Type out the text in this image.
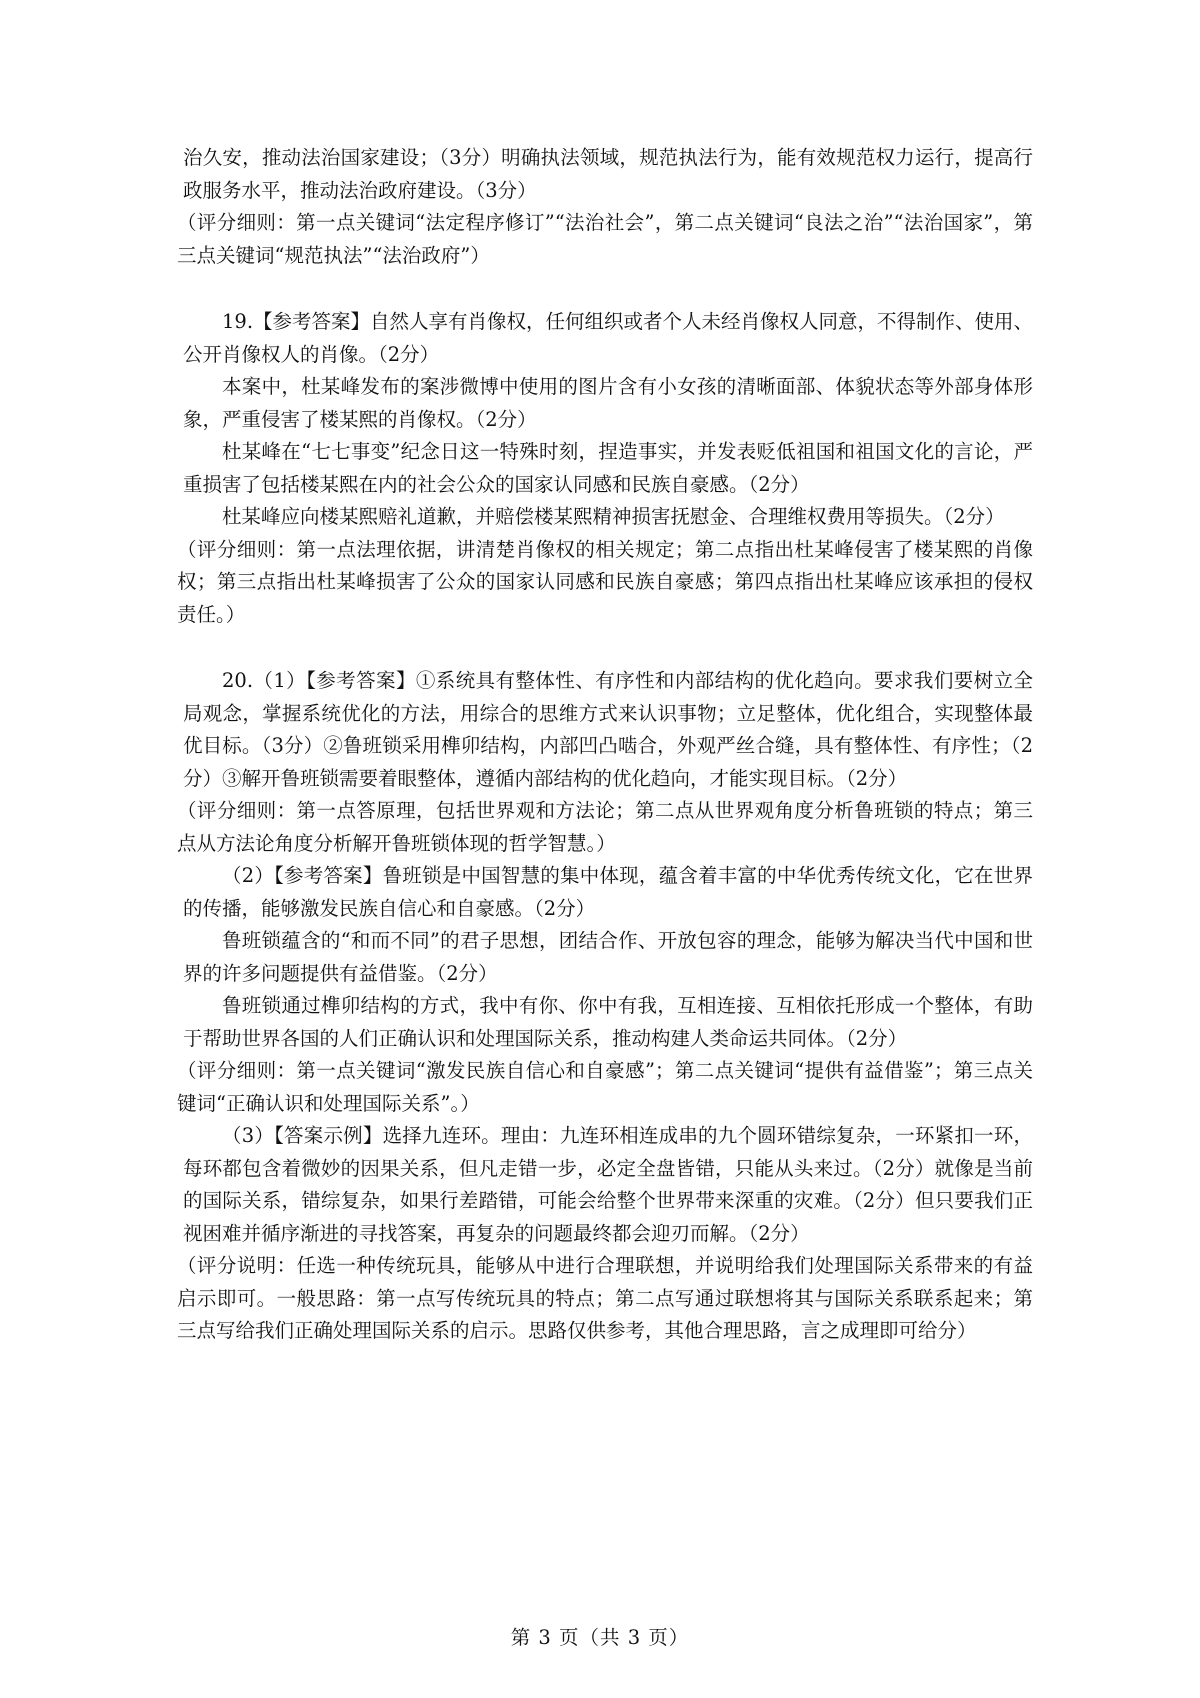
治久安，推动法治国家建设；（3分）明确执法领域，规范执法行为，能有效规范权力运行，提高行政服务水平，推动法治政府建设。（3分）

（评分细则：第一点关键词“法定程序修订”“法治社会”，第二点关键词“良法之治”“法治国家”，第三点关键词“规范执法”“法治政府”）

19.【参考答案】自然人享有肖像权，任何组织或者个人未经肖像权人同意，不得制作、使用、公开肖像权人的肖像。（2分）

本案中，杜某峰发布的案涉微博中使用的图片含有小女孩的清晰面部、体貌状态等外部身体形象，严重侵害了楼某熙的肖像权。（2分）

杜某峰在“七七事变”纪念日这一特殊时刻，捏造事实，并发表贬低祖国和祖国文化的言论，严重损害了包括楼某熙在内的社会公众的国家认同感和民族自豪感。（2分）

杜某峰应向楼某熙赔礼道歉，并赔偿楼某熙精神损害抚慰金、合理维权费用等损失。（2分）

（评分细则：第一点法理依据，讲清楚肖像权的相关规定；第二点指出杜某峰侵害了楼某熙的肖像权；第三点指出杜某峰损害了公众的国家认同感和民族自豪感；第四点指出杜某峰应该承担的侵权责任。）

20.（1）【参考答案】①系统具有整体性、有序性和内部结构的优化趋向。要求我们要树立全局观念，掌握系统优化的方法，用综合的思维方式来认识事物；立足整体，优化组合，实现整体最优目标。（3分）②鲁班锁采用榫卯结构，内部凹凸啮合，外观严丝合缝，具有整体性、有序性；（2分）③解开鲁班锁需要着眼整体，遵循内部结构的优化趋向，才能实现目标。（2分）

（评分细则：第一点答原理，包括世界观和方法论；第二点从世界观角度分析鲁班锁的特点；第三点从方法论角度分析解开鲁班锁体现的哲学智慧。）

（2）【参考答案】鲁班锁是中国智慧的集中体现，蕴含着丰富的中华优秀传统文化，它在世界的传播，能够激发民族自信心和自豪感。（2分）

鲁班锁蕴含的“和而不同”的君子思想，团结合作、开放包容的理念，能够为解决当代中国和世界的许多问题提供有益借鉴。（2分）

鲁班锁通过榫卯结构的方式，我中有你、你中有我，互相连接、互相依托形成一个整体，有助于帮助世界各国的人们正确认识和处理国际关系，推动构建人类命运共同体。（2分）

（评分细则：第一点关键词“激发民族自信心和自豪感”；第二点关键词“提供有益借鉴”；第三点关键词“正确认识和处理国际关系”。）

（3）【答案示例】选择九连环。理由：九连环相连成串的九个圆环错综复杂，一环紧扣一环，每环都包含着微妙的因果关系，但凡走错一步，必定全盘皆错，只能从头来过。（2分）就像是当前的国际关系，错综复杂，如果行差踏错，可能会给整个世界带来深重的灾难。（2分）但只要我们正视困难并循序渐进的寻找答案，再复杂的问题最终都会迎刃而解。（2分）

（评分说明：任选一种传统玩具，能够从中进行合理联想，并说明给我们处理国际关系带来的有益启示即可。一般思路：第一点写传统玩具的特点；第二点写通过联想将其与国际关系联系起来；第三点写给我们正确处理国际关系的启示。思路仅供参考，其他合理思路，言之成理即可给分）

第 3 页（共 3 页）
